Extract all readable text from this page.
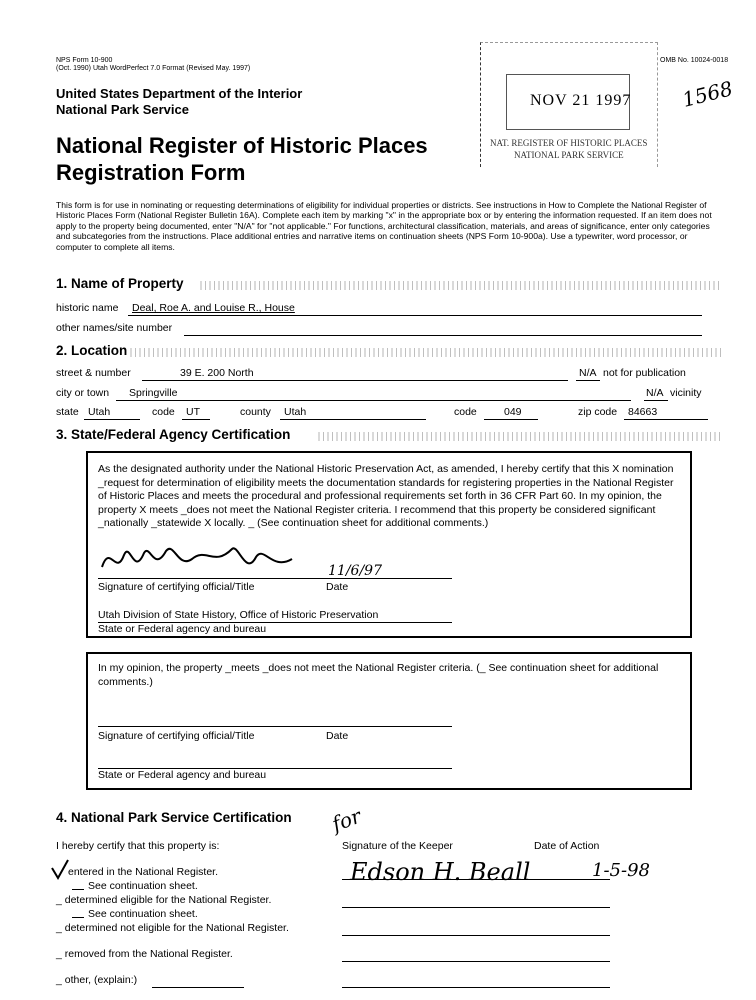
NPS Form 10-900
(Oct. 1990) Utah WordPerfect 7.0 Format (Revised May. 1997)
OMB No. 10024-0018
NOV 21 1997
NAT. REGISTER OF HISTORIC PLACES
NATIONAL PARK SERVICE
1568
United States Department of the Interior
National Park Service
National Register of Historic Places
Registration Form
This form is for use in nominating or requesting determinations of eligibility for individual properties or districts. See instructions in How to Complete the National Register of Historic Places Form (National Register Bulletin 16A). Complete each item by marking "x" in the appropriate box or by entering the information requested. If an item does not apply to the property being documented, enter "N/A" for "not applicable." For functions, architectural classification, materials, and areas of significance, enter only categories and subcategories from the instructions. Place additional entries and narrative items on continuation sheets (NPS Form 10-900a). Use a typewriter, word processor, or computer to complete all items.
1. Name of Property
historic name Deal, Roe A. and Louise R., House
other names/site number
2. Location
street & number	39 E. 200 North	N/A not for publication
city or town Springville	N/A vicinity
state Utah	code UT	county Utah	code	049	zip code 84663
3. State/Federal Agency Certification
As the designated authority under the National Historic Preservation Act, as amended, I hereby certify that this X nomination _request for determination of eligibility meets the documentation standards for registering properties in the National Register of Historic Places and meets the procedural and professional requirements set forth in 36 CFR Part 60. In my opinion, the property X meets _does not meet the National Register criteria. I recommend that this property be considered significant _nationally _statewide X locally. _ (See continuation sheet for additional comments.)
11/6/97
Signature of certifying official/Title	Date
Utah Division of State History, Office of Historic Preservation
State or Federal agency and bureau
In my opinion, the property _meets _does not meet the National Register criteria. (_ See continuation sheet for additional comments.)
Signature of certifying official/Title	Date
State or Federal agency and bureau
4. National Park Service Certification
I hereby certify that this property is:
for
Signature of the Keeper	Date of Action
Edson H. Beall	1-5-98
entered in the National Register.
See continuation sheet.
_ determined eligible for the National Register.
See continuation sheet.
_ determined not eligible for the National Register.
_ removed from the National Register.
_ other, (explain:)
